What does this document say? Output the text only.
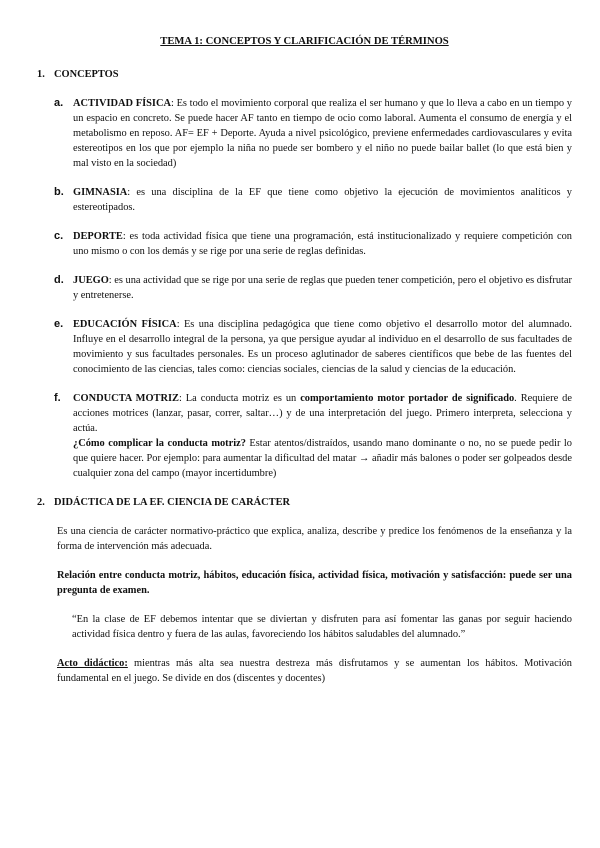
TEMA 1: CONCEPTOS Y CLARIFICACIÓN DE TÉRMINOS
1. CONCEPTOS
a. ACTIVIDAD FÍSICA: Es todo el movimiento corporal que realiza el ser humano y que lo lleva a cabo en un tiempo y un espacio en concreto. Se puede hacer AF tanto en tiempo de ocio como laboral. Aumenta el consumo de energía y el metabolismo en reposo. AF= EF + Deporte. Ayuda a nivel psicológico, previene enfermedades cardiovasculares y evita estereotipos en los que por ejemplo la niña no puede ser bombero y el niño no puede bailar ballet (lo que está bien y mal visto en la sociedad)
b. GIMNASIA: es una disciplina de la EF que tiene como objetivo la ejecución de movimientos analíticos y estereotipados.
c. DEPORTE: es toda actividad física que tiene una programación, está institucionalizado y requiere competición con uno mismo o con los demás y se rige por una serie de reglas definidas.
d. JUEGO: es una actividad que se rige por una serie de reglas que pueden tener competición, pero el objetivo es disfrutar y entretenerse.
e. EDUCACIÓN FÍSICA: Es una disciplina pedagógica que tiene como objetivo el desarrollo motor del alumnado. Influye en el desarrollo integral de la persona, ya que persigue ayudar al individuo en el desarrollo de sus facultades de movimiento y sus facultades personales. Es un proceso aglutinador de saberes científicos que bebe de las fuentes del conocimiento de las ciencias, tales como: ciencias sociales, ciencias de la salud y ciencias de la educación.
f. CONDUCTA MOTRIZ: La conducta motriz es un comportamiento motor portador de significado. Requiere de acciones motrices (lanzar, pasar, correr, saltar…) y de una interpretación del juego. Primero interpreta, selecciona y actúa.
¿Cómo complicar la conducta motriz? Estar atentos/distraídos, usando mano dominante o no, no se puede pedir lo que quiere hacer. Por ejemplo: para aumentar la dificultad del matar → añadir más balones o poder ser golpeados desde cualquier zona del campo (mayor incertidumbre)
2. DIDÁCTICA DE LA EF. CIENCIA DE CARÁCTER

Es una ciencia de carácter normativo-práctico que explica, analiza, describe y predice los fenómenos de la enseñanza y la forma de intervención más adecuada.

Relación entre conducta motriz, hábitos, educación física, actividad física, motivación y satisfacción: puede ser una pregunta de examen.

“En la clase de EF debemos intentar que se diviertan y disfruten para así fomentar las ganas por seguir haciendo actividad física dentro y fuera de las aulas, favoreciendo los hábitos saludables del alumnado.”

Acto didáctico: mientras más alta sea nuestra destreza más disfrutamos y se aumentan los hábitos. Motivación fundamental en el juego. Se divide en dos (discentes y docentes)
